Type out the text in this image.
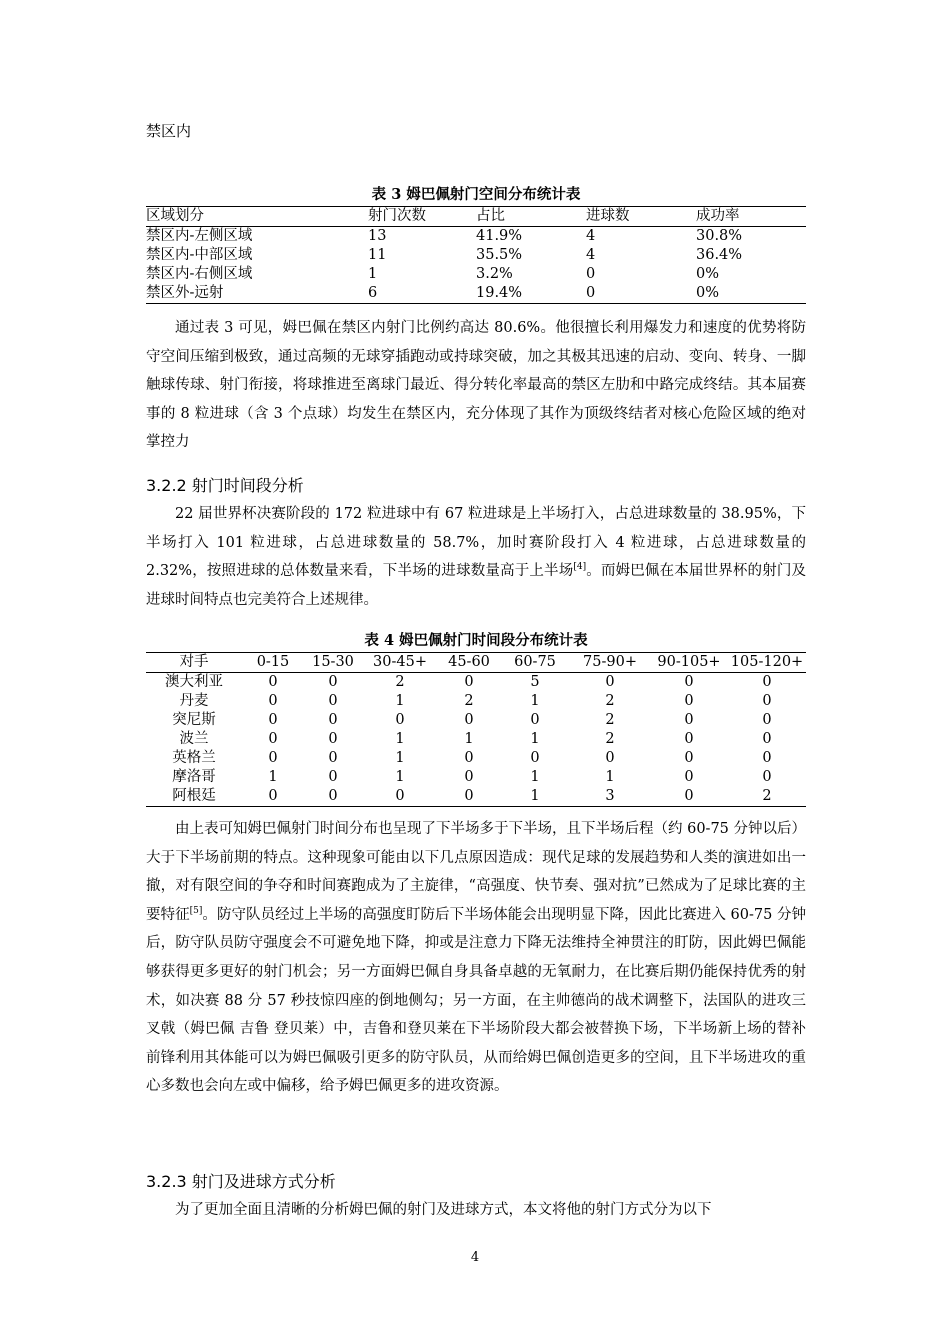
禁区内
表 3 姆巴佩射门空间分布统计表
区域划分	射门次数	占比	进球数	成功率
禁区内-左侧区域	13	41.9%	4	30.8%
禁区内-中部区域	11	35.5%	4	36.4%
禁区内-右侧区域	1	3.2%	0	0%
禁区外-远射	6	19.4%	0	0%

通过表 3 可见，姆巴佩在禁区内射门比例约高达 80.6%。他很擅长利用爆发力和速度的优势将防守空间压缩到极致，通过高频的无球穿插跑动或持球突破，加之其极其迅速的启动、变向、转身、一脚触球传球、射门衔接，将球推进至离球门最近、得分转化率最高的禁区左肋和中路完成终结。其本届赛事的 8 粒进球（含 3 个点球）均发生在禁区内，充分体现了其作为顶级终结者对核心危险区域的绝对掌控力

3.2.2 射门时间段分析

22 届世界杯决赛阶段的 172 粒进球中有 67 粒进球是上半场打入，占总进球数量的 38.95%，下半场打入 101 粒进球，占总进球数量的 58.7%，加时赛阶段打入 4 粒进球，占总进球数量的 2.32%，按照进球的总体数量来看，下半场的进球数量高于上半场[4]。而姆巴佩在本届世界杯的射门及进球时间特点也完美符合上述规律。

表 4 姆巴佩射门时间段分布统计表
对手	0-15	15-30	30-45+	45-60	60-75	75-90+	90-105+	105-120+
澳大利亚	0	0	2	0	5	0	0	0
丹麦	0	0	1	2	1	2	0	0
突尼斯	0	0	0	0	0	2	0	0
波兰	0	0	1	1	1	2	0	0
英格兰	0	0	1	0	0	0	0	0
摩洛哥	1	0	1	0	1	1	0	0
阿根廷	0	0	0	0	1	3	0	2

由上表可知姆巴佩射门时间分布也呈现了下半场多于下半场，且下半场后程（约 60-75 分钟以后）大于下半场前期的特点。这种现象可能由以下几点原因造成：现代足球的发展趋势和人类的演进如出一撤，对有限空间的争夺和时间赛跑成为了主旋律，“高强度、快节奏、强对抗”已然成为了足球比赛的主要特征[5]。防守队员经过上半场的高强度盯防后下半场体能会出现明显下降，因此比赛进入 60-75 分钟后，防守队员防守强度会不可避免地下降，抑或是注意力下降无法维持全神贯注的盯防，因此姆巴佩能够获得更多更好的射门机会；另一方面姆巴佩自身具备卓越的无氧耐力，在比赛后期仍能保持优秀的射术，如决赛 88 分 57 秒技惊四座的倒地侧勾；另一方面，在主帅德尚的战术调整下，法国队的进攻三叉戟（姆巴佩 吉鲁 登贝莱）中，吉鲁和登贝莱在下半场阶段大都会被替换下场，下半场新上场的替补前锋利用其体能可以为姆巴佩吸引更多的防守队员，从而给姆巴佩创造更多的空间，且下半场进攻的重心多数也会向左或中偏移，给予姆巴佩更多的进攻资源。

3.2.3 射门及进球方式分析

为了更加全面且清晰的分析姆巴佩的射门及进球方式，本文将他的射门方式分为以下

4
